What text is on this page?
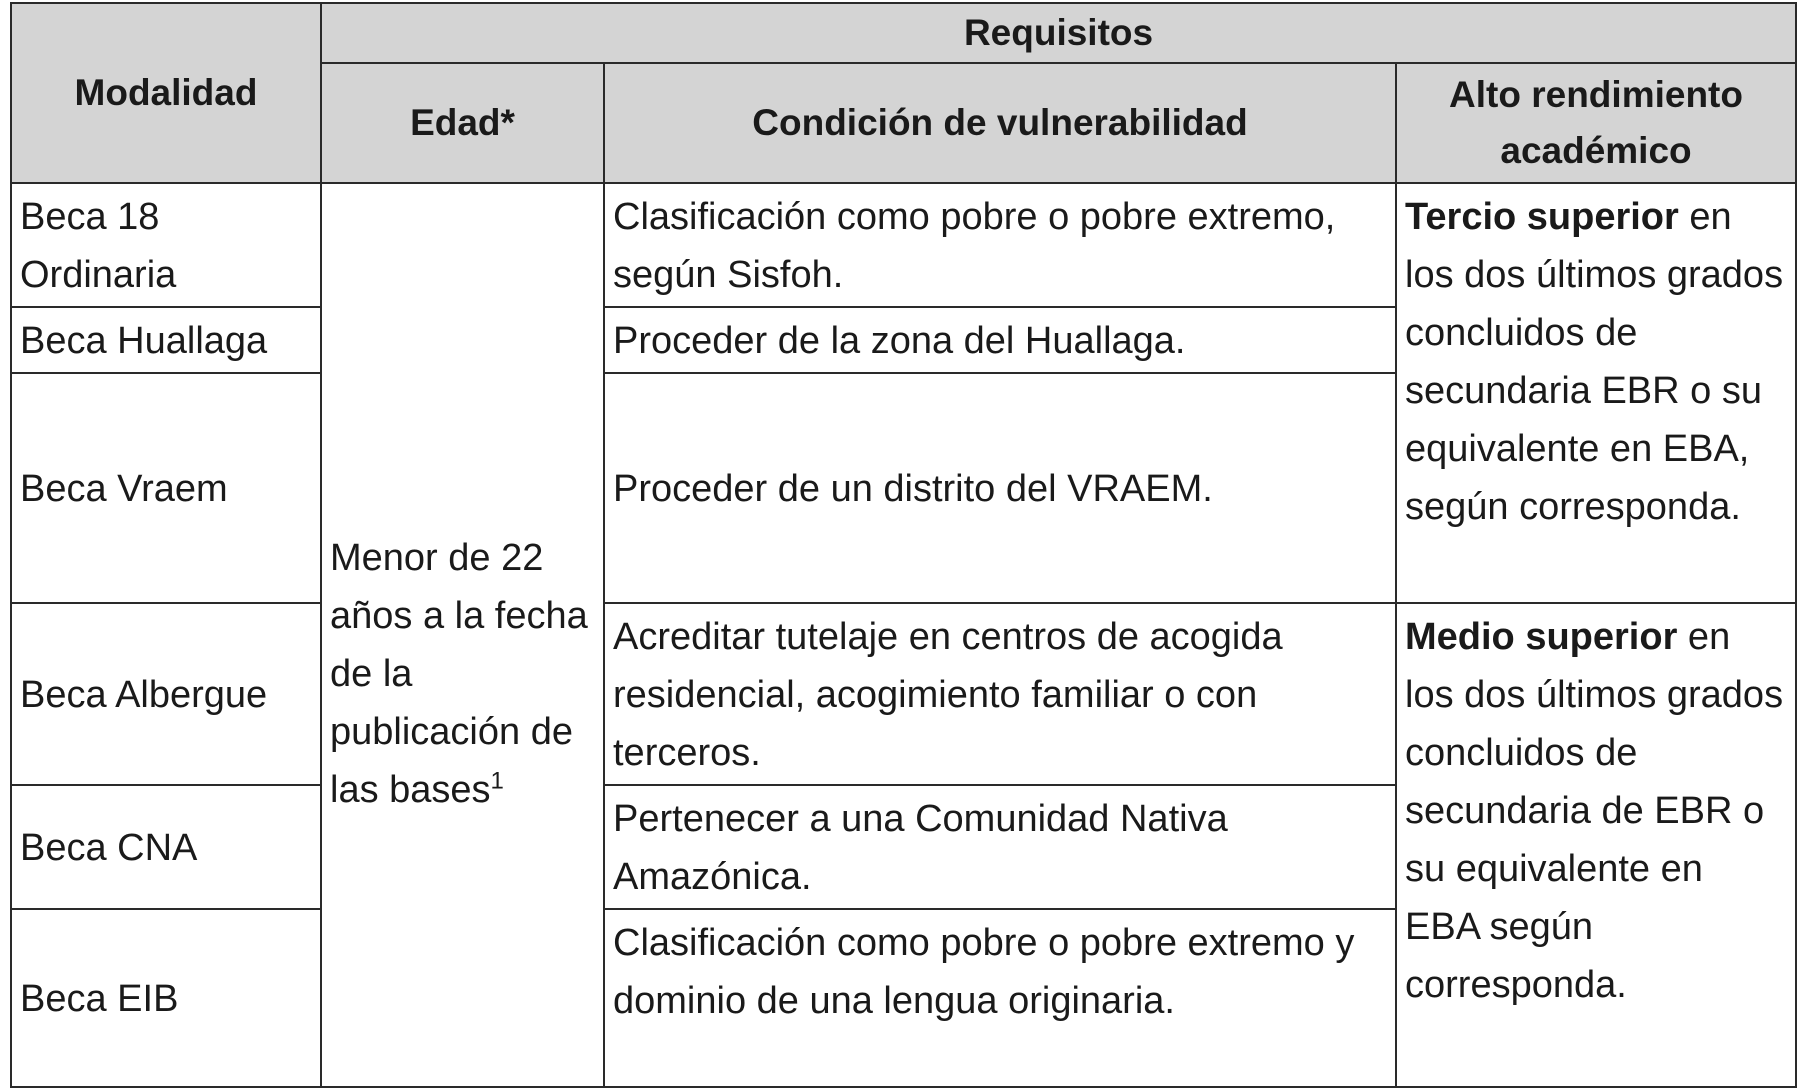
Modalidad	Requisitos		
	Edad*	Condición de vulnerabilidad	Alto rendimiento académico
Beca 18 Ordinaria	Menor de 22 años a la fecha de la publicación de las bases$^1$	Clasificación como pobre o pobre extremo, según Sisfoh.	Tercio superior en los dos últimos grados concluidos de secundaria EBR o su equivalente en EBA, según corresponda.
Beca Huallaga		Proceder de la zona del Huallaga.	
Beca Vraem		Proceder de un distrito del VRAEM.	
Beca Albergue		Acreditar tutelaje en centros de acogida residencial, acogimiento familiar o con terceros.	Medio superior en los dos últimos grados concluidos de secundaria de EBR o su equivalente en EBA según corresponda.
Beca CNA		Pertenecer a una Comunidad Nativa Amazónica.	
Beca EIB		Clasificación como pobre o pobre extremo y dominio de una lengua originaria.	
